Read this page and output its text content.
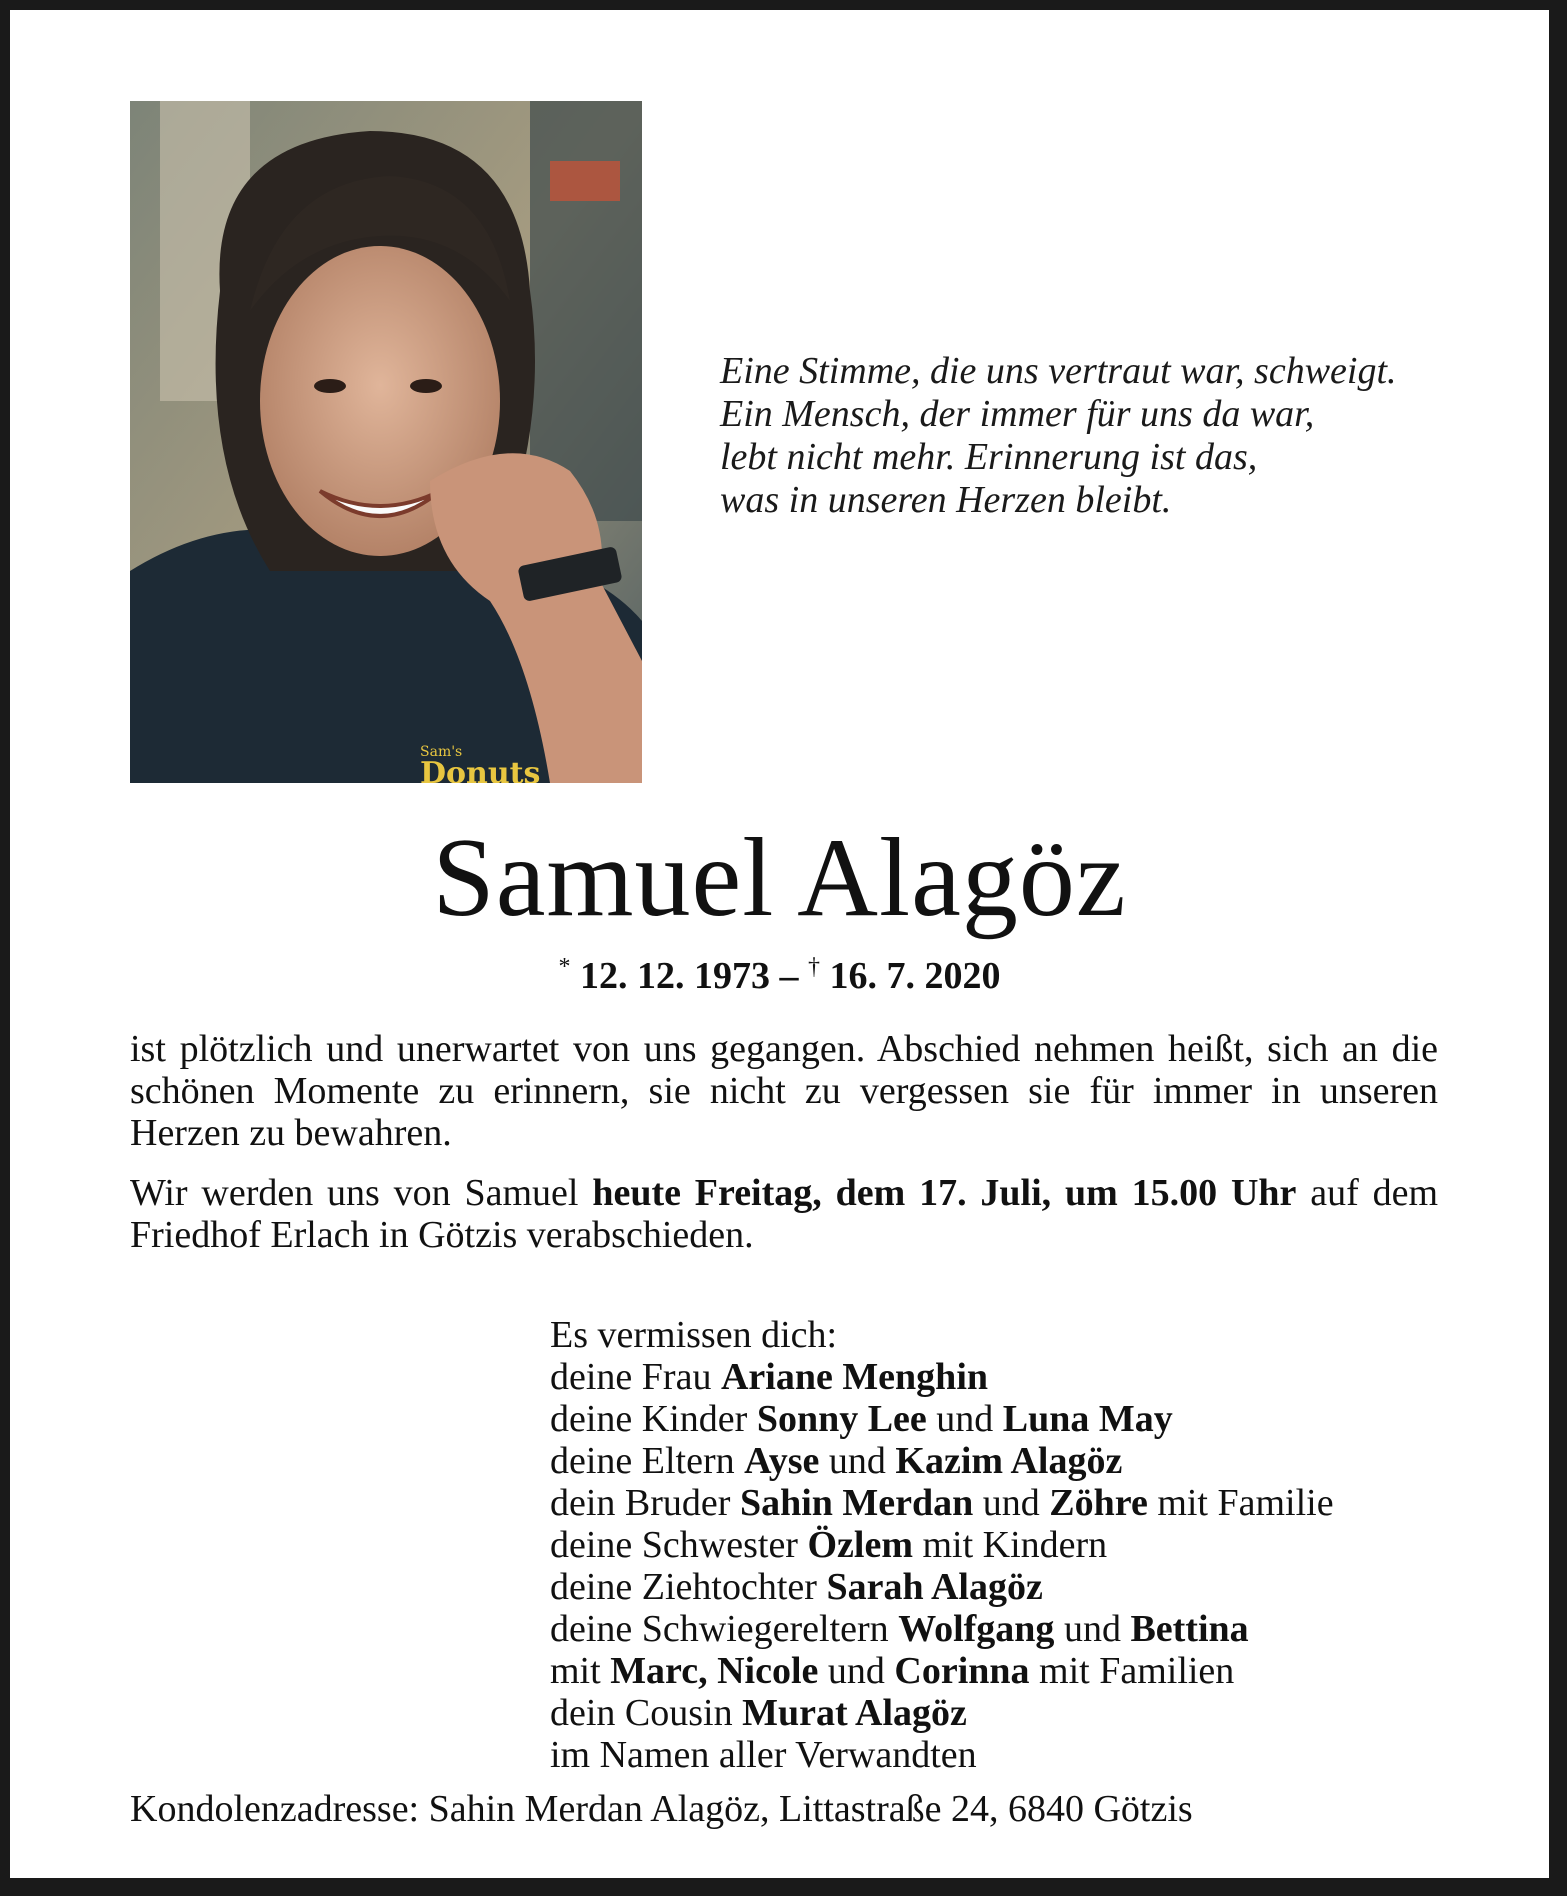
Sam's
Donuts
Eine Stimme, die uns vertraut war, schweigt.
Ein Mensch, der immer für uns da war,
lebt nicht mehr. Erinnerung ist das,
was in unseren Herzen bleibt.
Samuel Alagöz
* 12. 12. 1973 – † 16. 7. 2020
ist plötzlich und unerwartet von uns gegangen. Abschied nehmen heißt, sich an die schönen Momente zu erinnern, sie nicht zu vergessen sie für immer in unseren Herzen zu bewahren.
Wir werden uns von Samuel heute Freitag, dem 17. Juli, um 15.00 Uhr auf dem Friedhof Erlach in Götzis verabschieden.
Es vermissen dich:
deine Frau Ariane Menghin
deine Kinder Sonny Lee und Luna May
deine Eltern Ayse und Kazim Alagöz
dein Bruder Sahin Merdan und Zöhre mit Familie
deine Schwester Özlem mit Kindern
deine Ziehtochter Sarah Alagöz
deine Schwiegereltern Wolfgang und Bettina
mit Marc, Nicole und Corinna mit Familien
dein Cousin Murat Alagöz
im Namen aller Verwandten
Kondolenzadresse: Sahin Merdan Alagöz, Littastraße 24, 6840 Götzis
